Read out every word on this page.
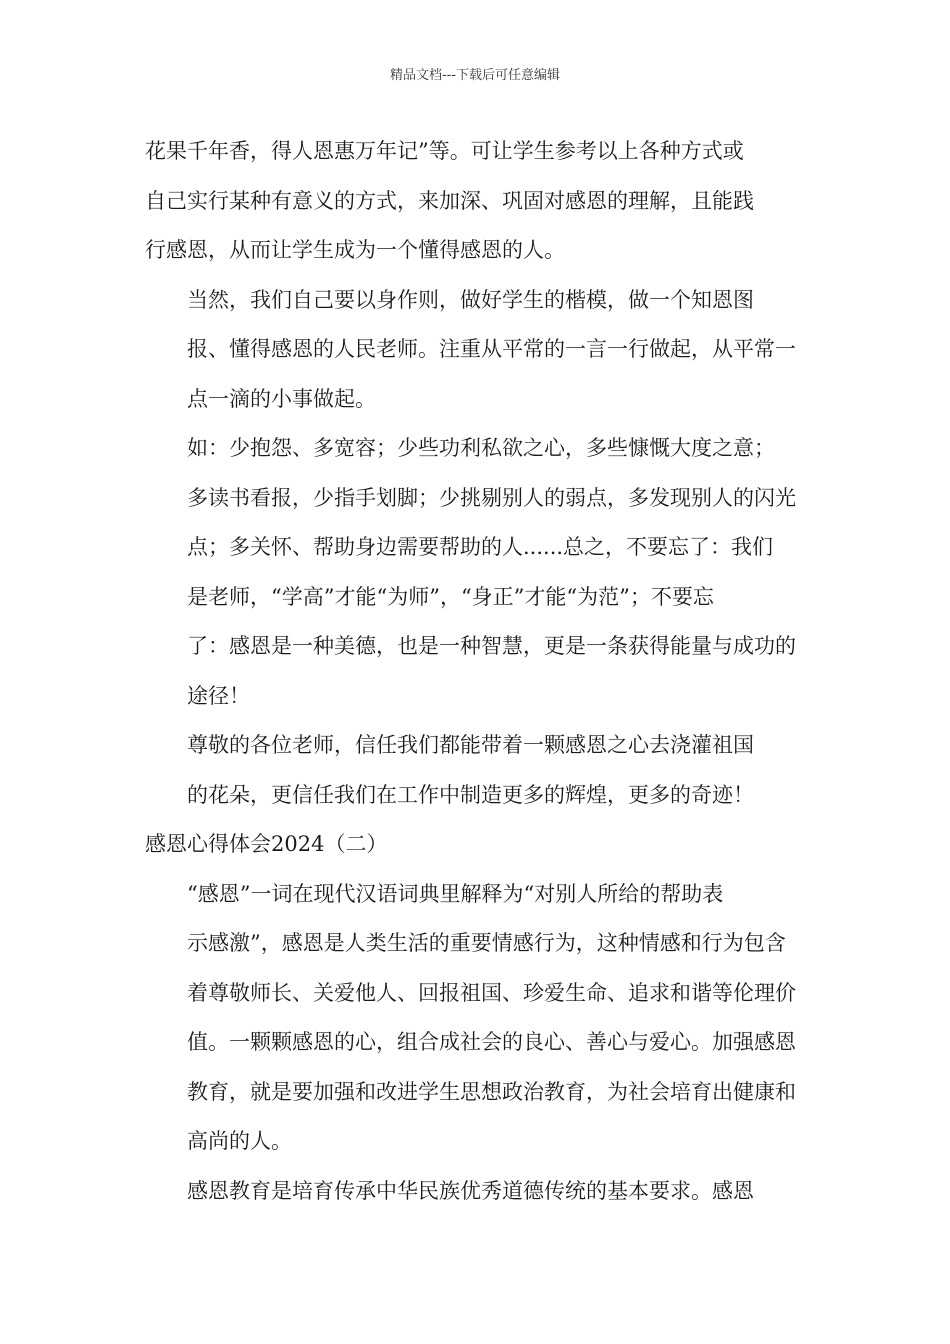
精品文档---下载后可任意编辑

花果千年香，得人恩惠万年记”等。可让学生参考以上各种方式或
自己实行某种有意义的方式，来加深、巩固对感恩的理解，且能践
行感恩，从而让学生成为一个懂得感恩的人。

当然，我们自己要以身作则，做好学生的楷模，做一个知恩图
报、懂得感恩的人民老师。注重从平常的一言一行做起，从平常一
点一滴的小事做起。

如：少抱怨、多宽容；少些功利私欲之心，多些慷慨大度之意；
多读书看报，少指手划脚；少挑剔别人的弱点，多发现别人的闪光
点；多关怀、帮助身边需要帮助的人......总之，不要忘了：我们
是老师，“学高”才能“为师”，“身正”才能“为范”；不要忘
了：感恩是一种美德，也是一种智慧，更是一条获得能量与成功的
途径！

尊敬的各位老师，信任我们都能带着一颗感恩之心去浇灌祖国
的花朵，更信任我们在工作中制造更多的辉煌，更多的奇迹！

感恩心得体会2024（二）

“感恩”一词在现代汉语词典里解释为“对别人所给的帮助表
示感激”，感恩是人类生活的重要情感行为，这种情感和行为包含
着尊敬师长、关爱他人、回报祖国、珍爱生命、追求和谐等伦理价
值。一颗颗感恩的心，组合成社会的良心、善心与爱心。加强感恩
教育，就是要加强和改进学生思想政治教育，为社会培育出健康和
高尚的人。

感恩教育是培育传承中华民族优秀道德传统的基本要求。感恩
